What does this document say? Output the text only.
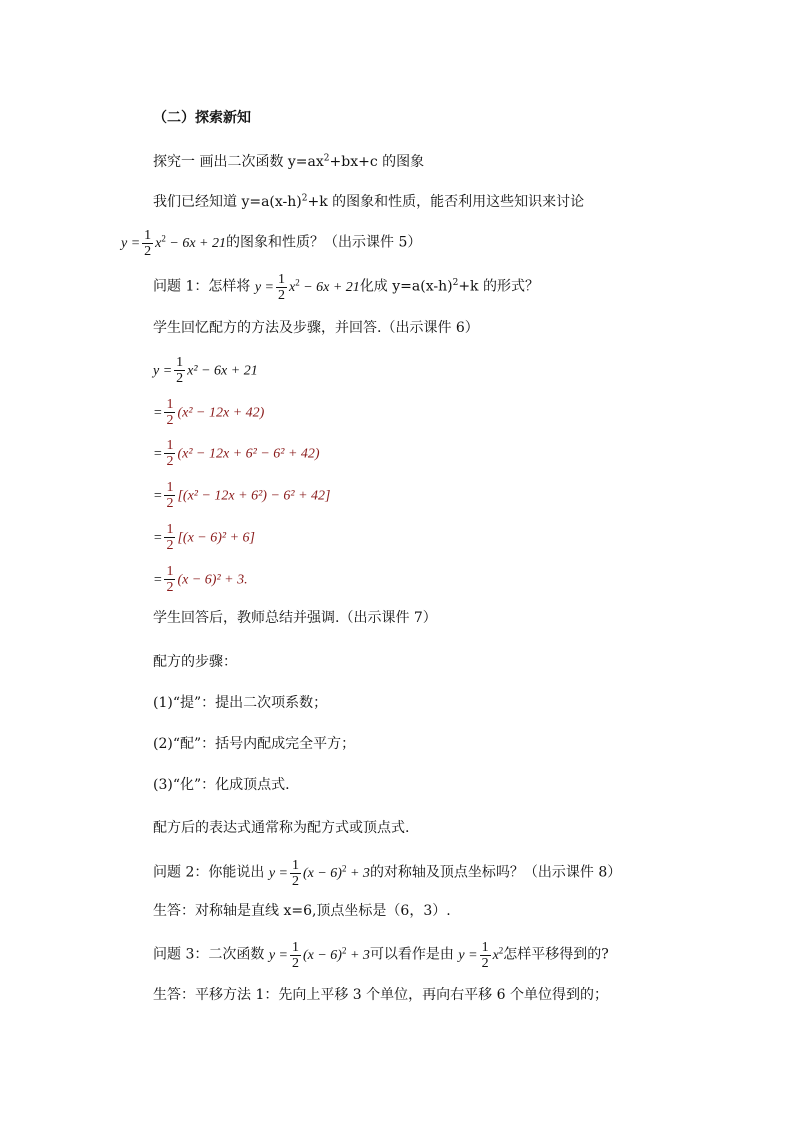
（二）探索新知
探究一 画出二次函数 $y=ax^2+bx+c$ 的图象
我们已经知道 $y=a(x-h)^2+k$ 的图象和性质，能否利用这些知识来讨论
$y = \frac{1}{2} x^2 - 6x + 21$的图象和性质？（出示课件 5）
问题 1：怎样将 $y = \frac{1}{2} x^2 - 6x + 21$化成 $y=a(x-h)^2+k$ 的形式？
学生回忆配方的方法及步骤，并回答.（出示课件 6）
$y = \frac{1}{2} x^2 - 6x + 21$
= $\frac{1}{2} (x^2 - 12x + 42)$
= $\frac{1}{2} (x^2 - 12x + 6^2 - 6^2 + 42)$
= $\frac{1}{2} [(x^2 - 12x + 6^2) - 6^2 + 42]$
= $\frac{1}{2} [(x - 6)^2 + 6]$
= $\frac{1}{2} (x - 6)^2 + 3$.
学生回答后，教师总结并强调.（出示课件 7）
配方的步骤：
(1)“提”：提出二次项系数；
(2)“配”：括号内配成完全平方；
(3)“化”：化成顶点式.
配方后的表达式通常称为配方式或顶点式.
问题 2：你能说出 $y = \frac{1}{2} (x - 6)^2 + 3$的对称轴及顶点坐标吗？（出示课件 8）
生答：对称轴是直线 x=6,顶点坐标是（6，3）.
问题 3：二次函数 $y = \frac{1}{2} (x - 6)^2 + 3$可以看作是由 $y = \frac{1}{2} x^2$怎样平移得到的?
生答：平移方法 1：先向上平移 3 个单位，再向右平移 6 个单位得到的；
